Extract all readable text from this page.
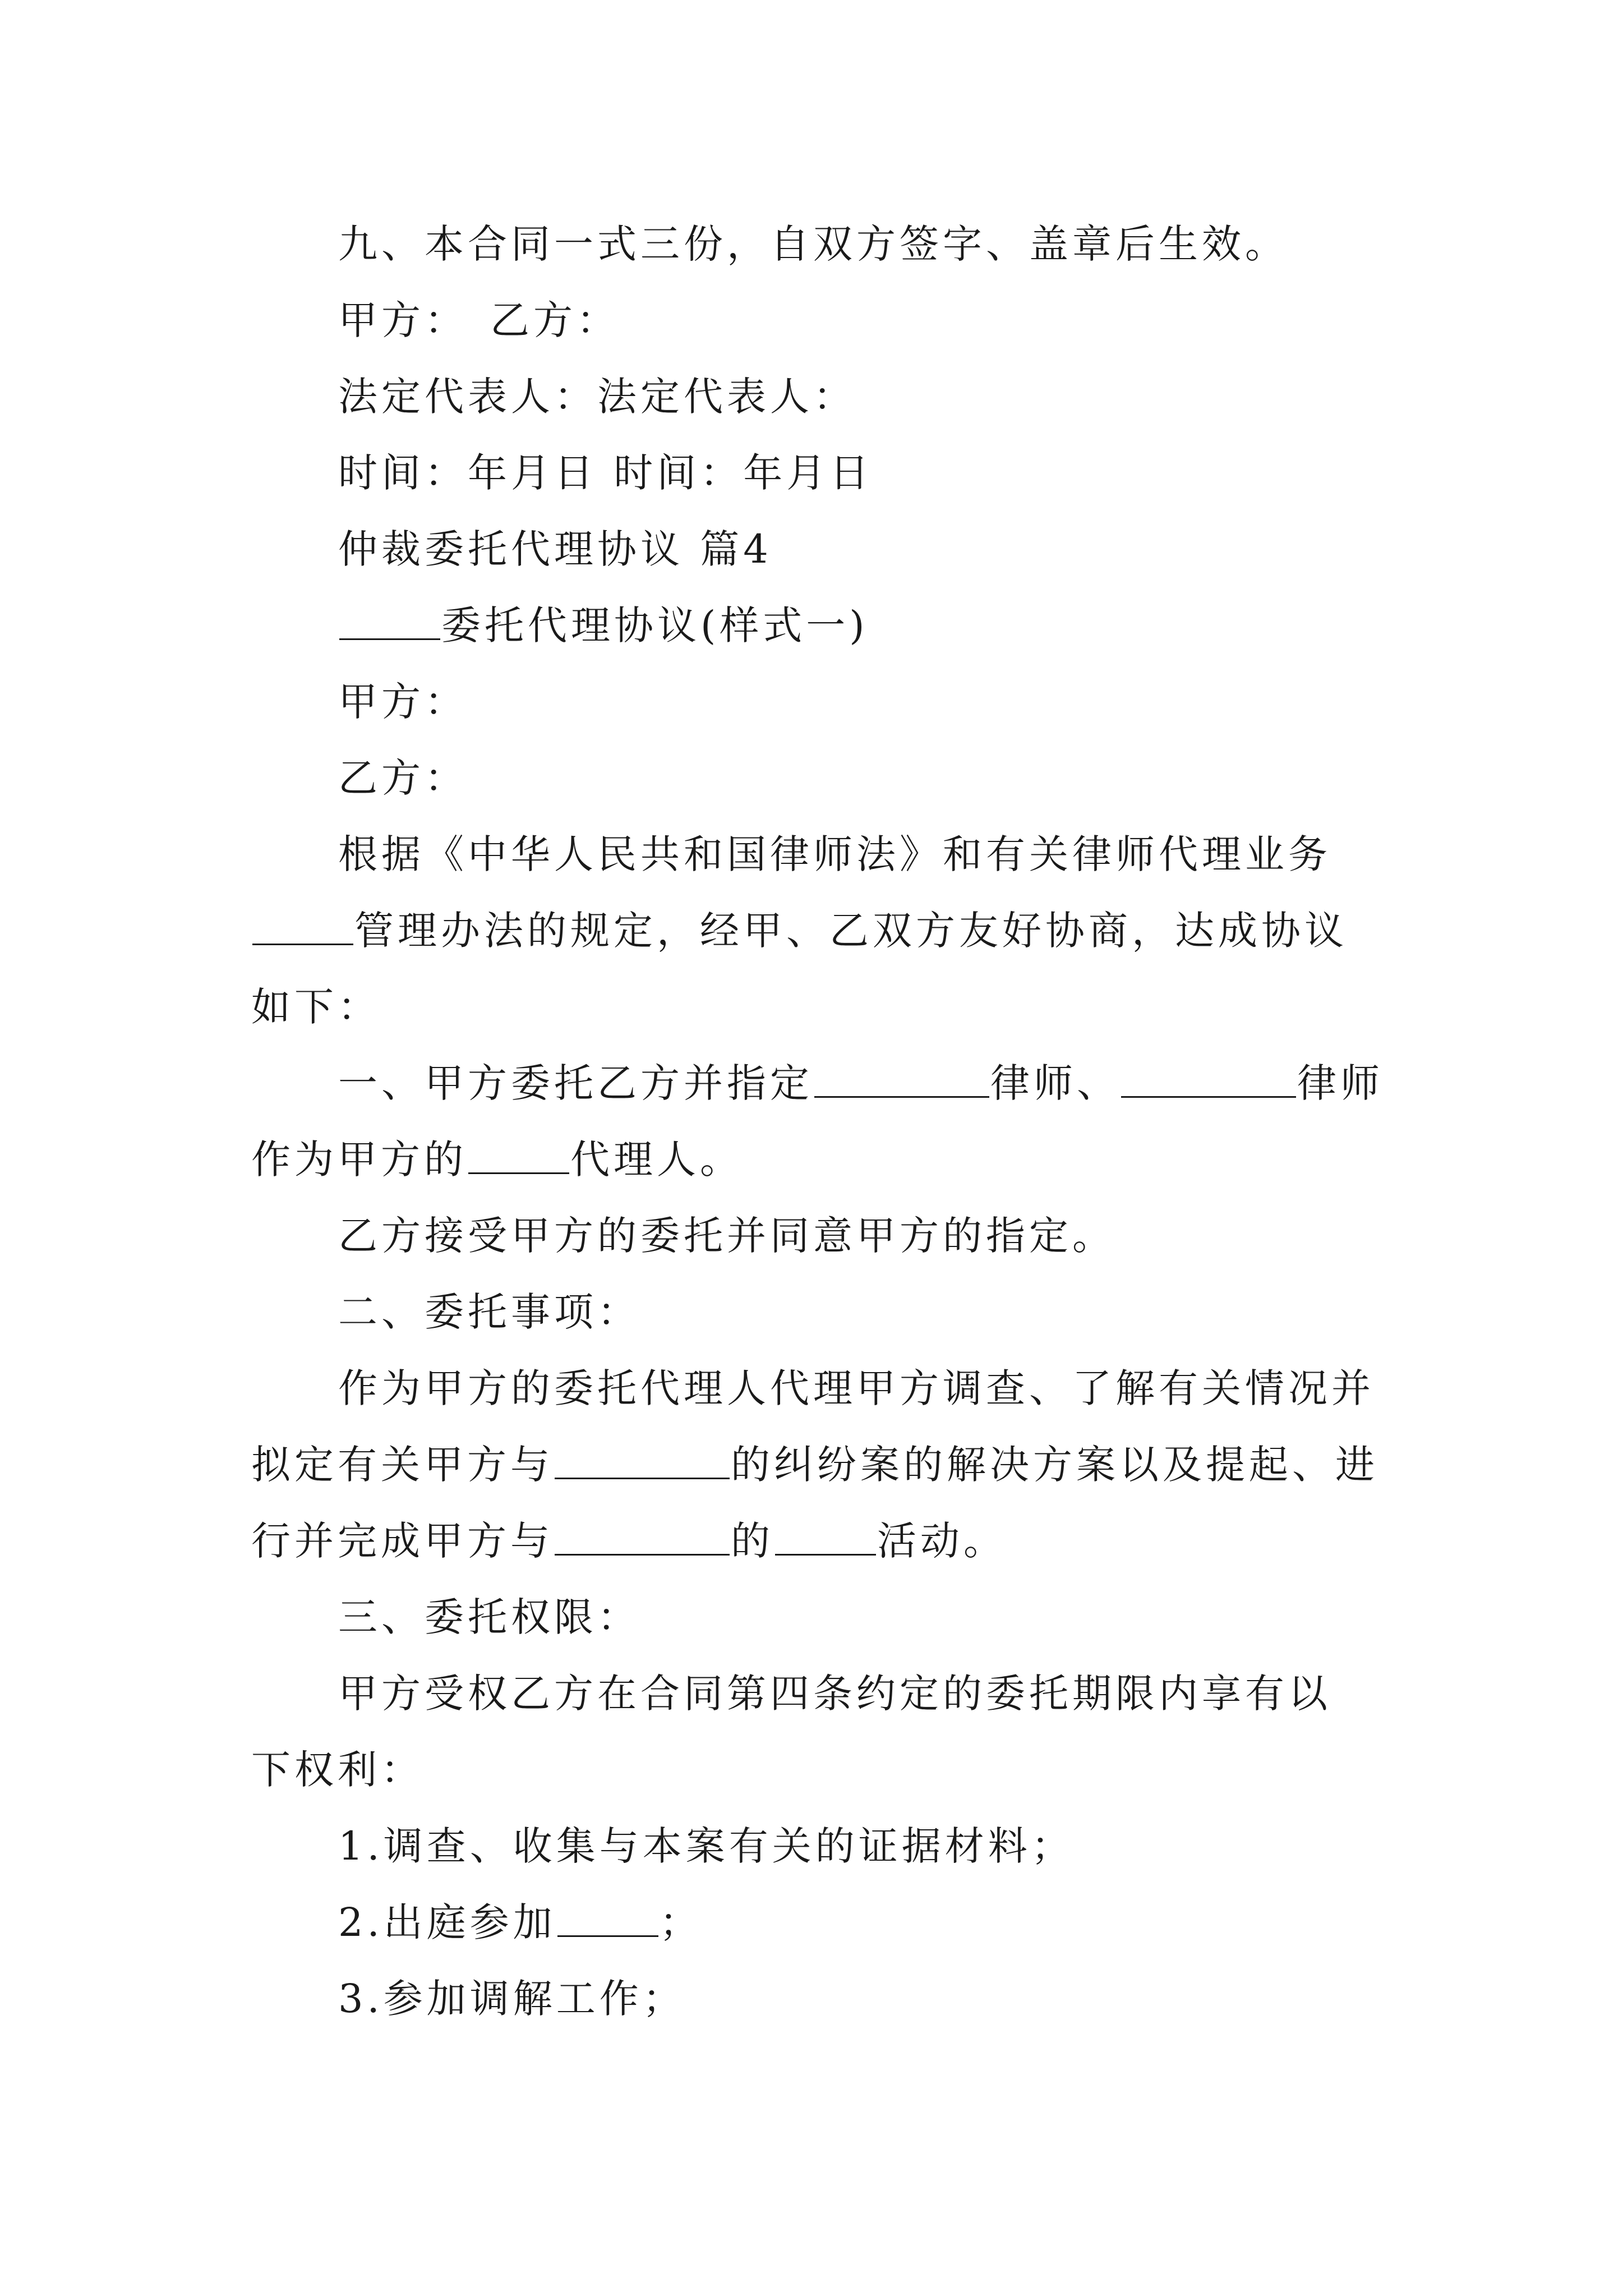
九、本合同一式三份，自双方签字、盖章后生效。
甲方： 乙方：
法定代表人：法定代表人：
时间：年月日 时间：年月日
仲裁委托代理协议 篇4
委托代理协议(样式一)
甲方：
乙方：
根据《中华人民共和国律师法》和有关律师代理业务
管理办法的规定，经甲、乙双方友好协商，达成协议
如下：
一、甲方委托乙方并指定	律师、	律师
作为甲方的	代理人。
乙方接受甲方的委托并同意甲方的指定。
二、委托事项：
作为甲方的委托代理人代理甲方调查、了解有关情况并
拟定有关甲方与	的纠纷案的解决方案以及提起、进
行并完成甲方与	的	活动。
三、委托权限：
甲方受权乙方在合同第四条约定的委托期限内享有以
下权利：
1.调查、收集与本案有关的证据材料；
2.出庭参加	；
3.参加调解工作；
